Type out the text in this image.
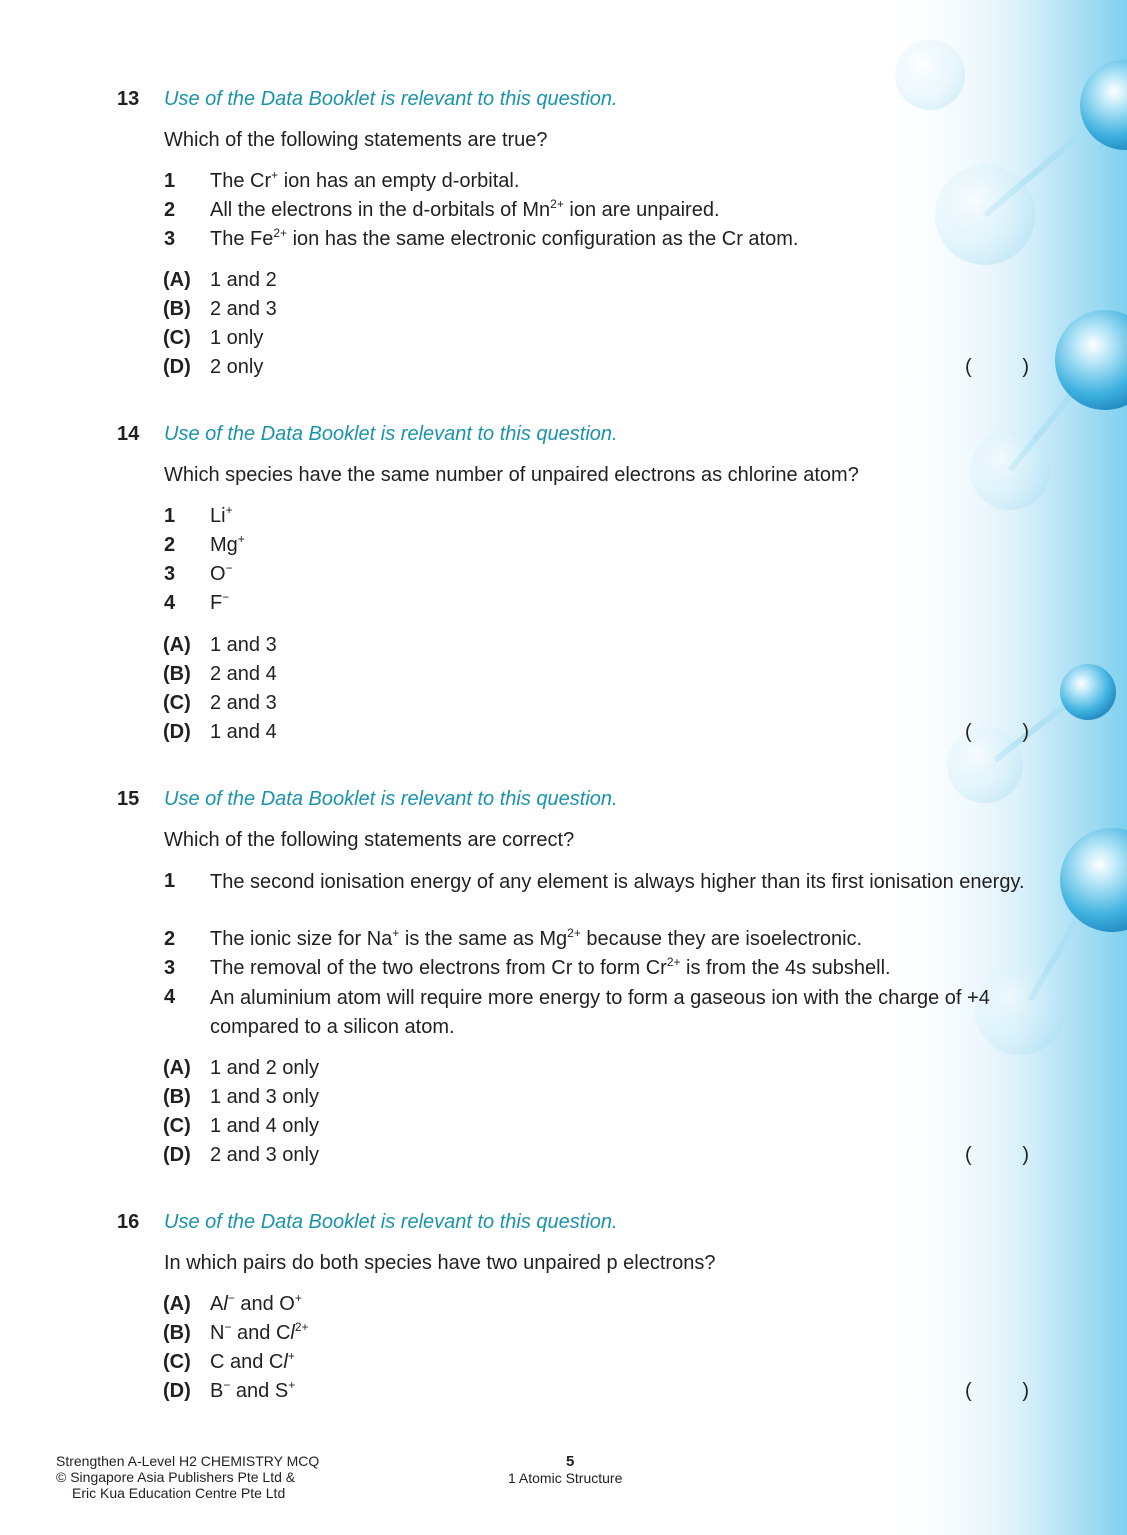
13 Use of the Data Booklet is relevant to this question.
Which of the following statements are true?
1 The Cr+ ion has an empty d-orbital.
2 All the electrons in the d-orbitals of $Mn^{2+}$ ion are unpaired.
3 The $Fe^{2+}$ ion has the same electronic configuration as the Cr atom.
(A) 1 and 2
(B) 2 and 3
(C) 1 only
(D) 2 only	(	)
14 Use of the Data Booklet is relevant to this question.
Which species have the same number of unpaired electrons as chlorine atom?
1 Li+
2 Mg+
3 O−
4 F−
(A) 1 and 3
(B) 2 and 4
(C) 2 and 3
(D) 1 and 4	(	)
15 Use of the Data Booklet is relevant to this question.
Which of the following statements are correct?
1 The second ionisation energy of any element is always higher than its first ionisation energy.
2 The ionic size for Na+ is the same as $Mg^{2+}$ because they are isoelectronic.
3 The removal of the two electrons from Cr to form $Cr^{2+}$ is from the 4s subshell.
4 An aluminium atom will require more energy to form a gaseous ion with the charge of +4 compared to a silicon atom.
(A) 1 and 2 only
(B) 1 and 3 only
(C) 1 and 4 only
(D) 2 and 3 only	(	)
16 Use of the Data Booklet is relevant to this question.
In which pairs do both species have two unpaired p electrons?
(A) Al− and O+
(B) N− and $Cl^{2+}$
(C) C and Cl+
(D) B− and S+	(	)
Strengthen A-Level H2 CHEMISTRY MCQ
© Singapore Asia Publishers Pte Ltd &
Eric Kua Education Centre Pte Ltd
5
1 Atomic Structure
